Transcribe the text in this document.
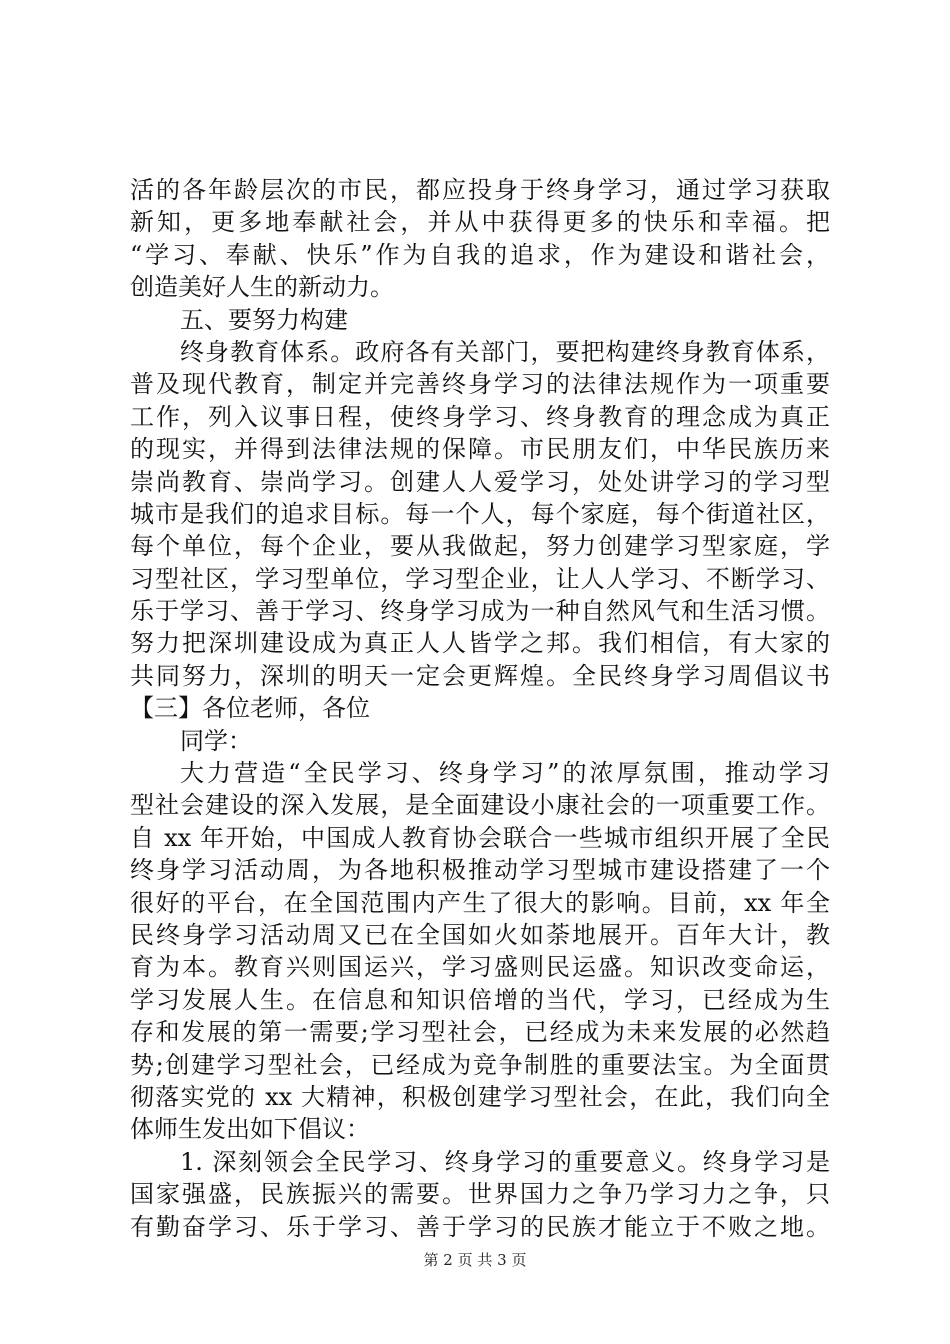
活的各年龄层次的市民，都应投身于终身学习，通过学习获取
新知，更多地奉献社会，并从中获得更多的快乐和幸福。把
“学习、奉献、快乐”作为自我的追求，作为建设和谐社会，
创造美好人生的新动力。
五、要努力构建
终身教育体系。政府各有关部门，要把构建终身教育体系，
普及现代教育，制定并完善终身学习的法律法规作为一项重要
工作，列入议事日程，使终身学习、终身教育的理念成为真正
的现实，并得到法律法规的保障。市民朋友们，中华民族历来
崇尚教育、崇尚学习。创建人人爱学习，处处讲学习的学习型
城市是我们的追求目标。每一个人，每个家庭，每个街道社区，
每个单位，每个企业，要从我做起，努力创建学习型家庭，学
习型社区，学习型单位，学习型企业，让人人学习、不断学习、
乐于学习、善于学习、终身学习成为一种自然风气和生活习惯。
努力把深圳建设成为真正人人皆学之邦。我们相信，有大家的
共同努力，深圳的明天一定会更辉煌。全民终身学习周倡议书
【三】各位老师，各位
同学：
大力营造“全民学习、终身学习”的浓厚氛围，推动学习
型社会建设的深入发展，是全面建设小康社会的一项重要工作。
自 xx 年开始，中国成人教育协会联合一些城市组织开展了全民
终身学习活动周，为各地积极推动学习型城市建设搭建了一个
很好的平台，在全国范围内产生了很大的影响。目前，xx 年全
民终身学习活动周又已在全国如火如荼地展开。百年大计，教
育为本。教育兴则国运兴，学习盛则民运盛。知识改变命运，
学习发展人生。在信息和知识倍增的当代，学习，已经成为生
存和发展的第一需要;学习型社会，已经成为未来发展的必然趋
势;创建学习型社会，已经成为竞争制胜的重要法宝。为全面贯
彻落实党的 xx 大精神，积极创建学习型社会，在此，我们向全
体师生发出如下倡议：
1. 深刻领会全民学习、终身学习的重要意义。终身学习是
国家强盛，民族振兴的需要。世界国力之争乃学习力之争，只
有勤奋学习、乐于学习、善于学习的民族才能立于不败之地。
第 2 页 共 3 页
